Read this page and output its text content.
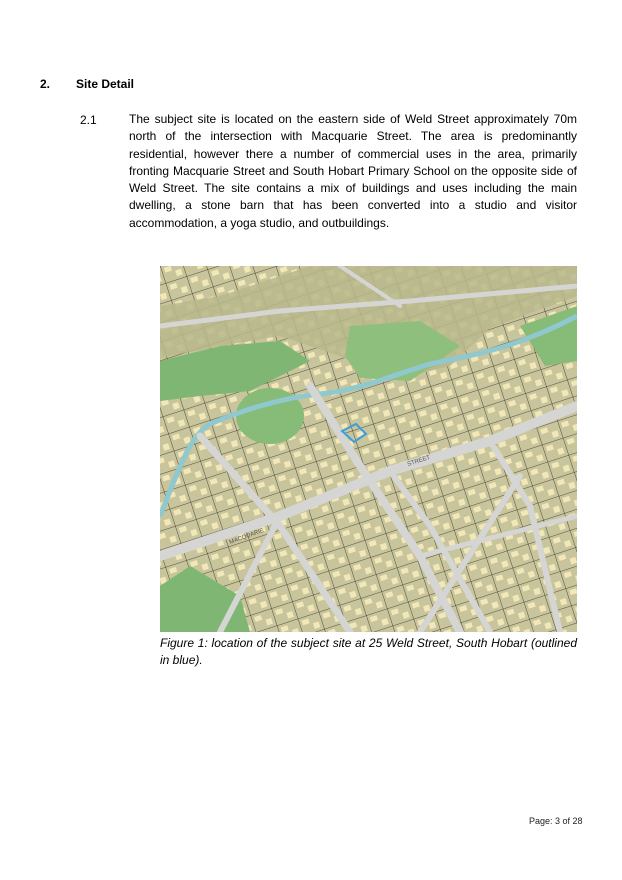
2. Site Detail
2.1	The subject site is located on the eastern side of Weld Street approximately 70m north of the intersection with Macquarie Street. The area is predominantly residential, however there a number of commercial uses in the area, primarily fronting Macquarie Street and South Hobart Primary School on the opposite side of Weld Street. The site contains a mix of buildings and uses including the main dwelling, a stone barn that has been converted into a studio and visitor accommodation, a yoga studio, and outbuildings.
MACQUARIE
STREET
Figure 1: location of the subject site at 25 Weld Street, South Hobart (outlined in blue).
Page: 3 of 28
